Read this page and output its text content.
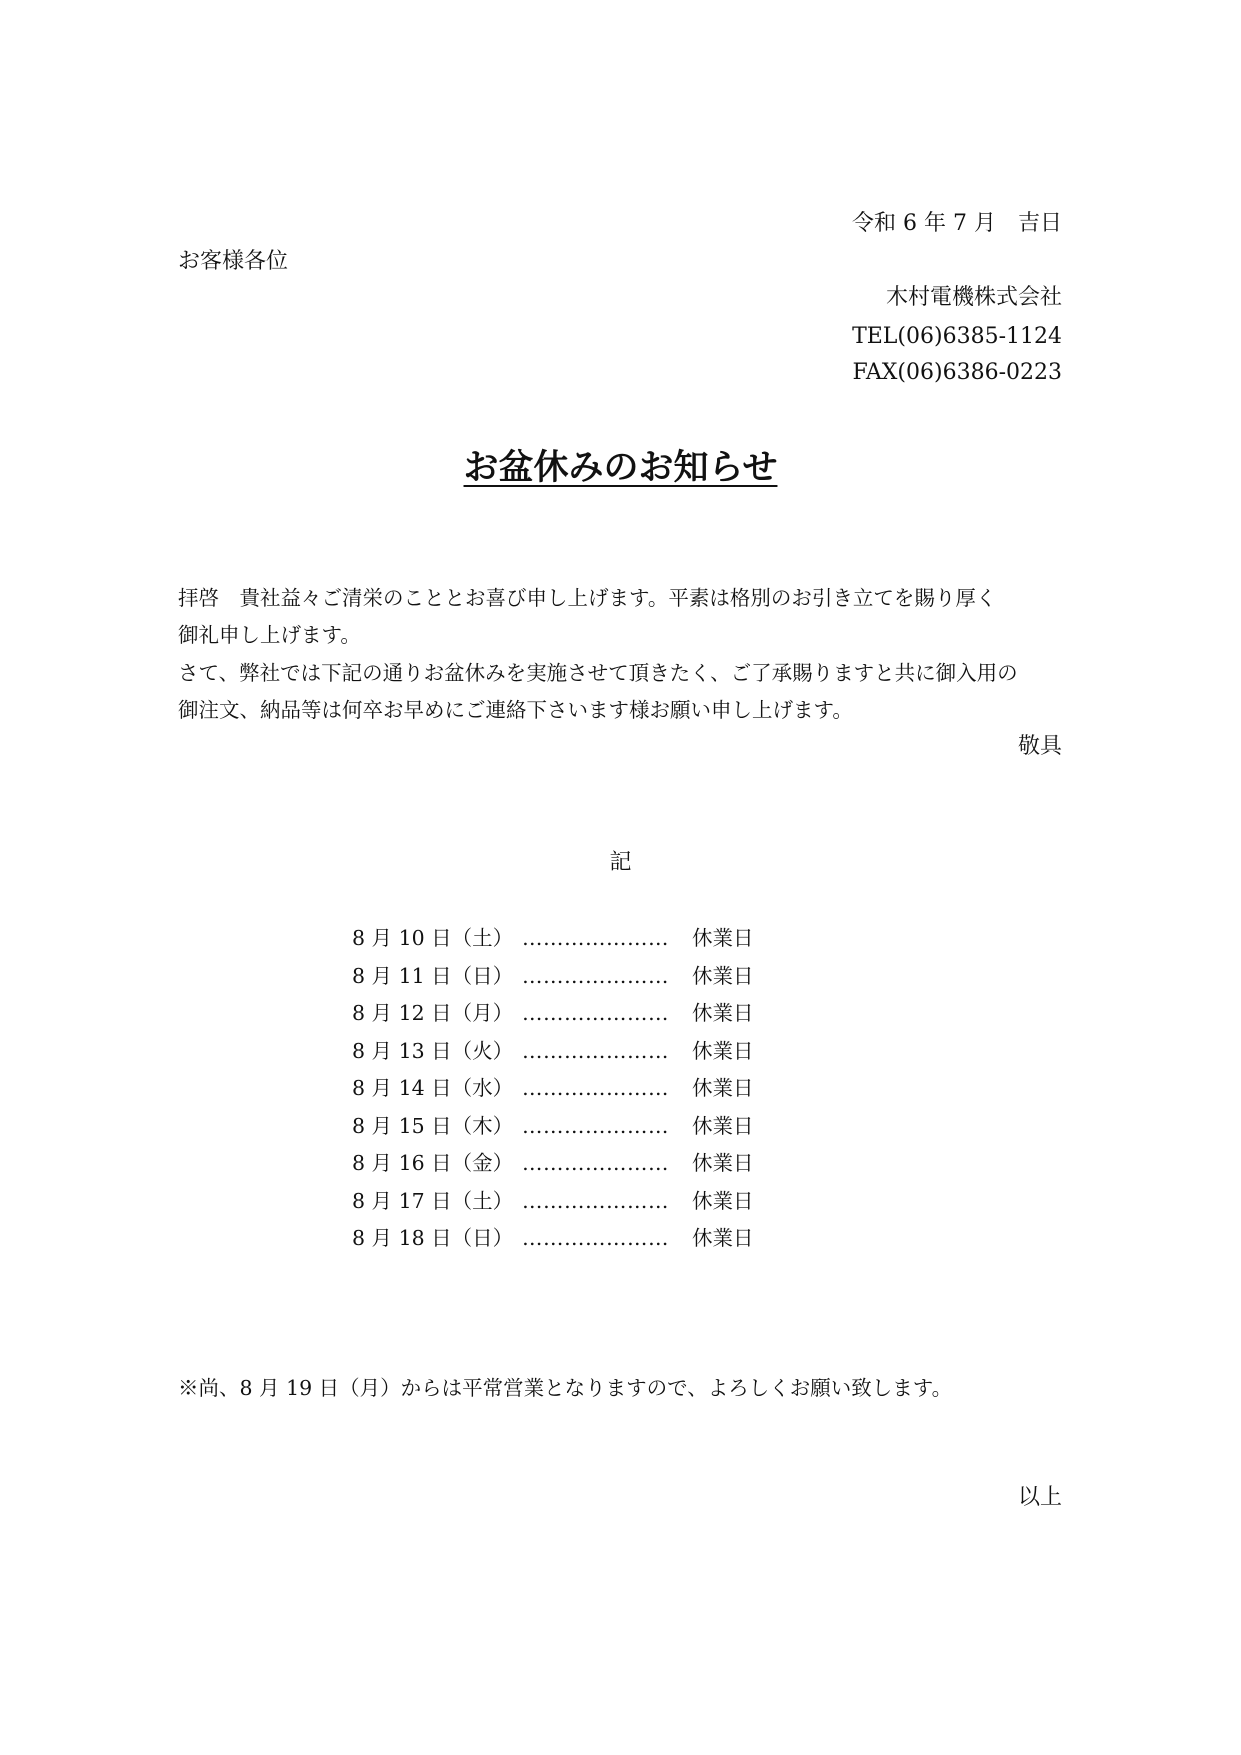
令和 6 年 7 月　吉日
お客様各位
木村電機株式会社
TEL(06)6385-1124
FAX(06)6386-0223
お盆休みのお知らせ
拝啓　貴社益々ご清栄のこととお喜び申し上げます。平素は格別のお引き立てを賜り厚く
御礼申し上げます。
さて、弊社では下記の通りお盆休みを実施させて頂きたく、ご了承賜りますと共に御入用の
御注文、納品等は何卒お早めにご連絡下さいます様お願い申し上げます。
敬具
記
8 月 10 日（土） …………………	休業日
8 月 11 日（日） …………………	休業日
8 月 12 日（月） …………………	休業日
8 月 13 日（火） …………………	休業日
8 月 14 日（水） …………………	休業日
8 月 15 日（木） …………………	休業日
8 月 16 日（金） …………………	休業日
8 月 17 日（土） …………………	休業日
8 月 18 日（日） …………………	休業日
※尚、8 月 19 日（月）からは平常営業となりますので、よろしくお願い致します。
以上
